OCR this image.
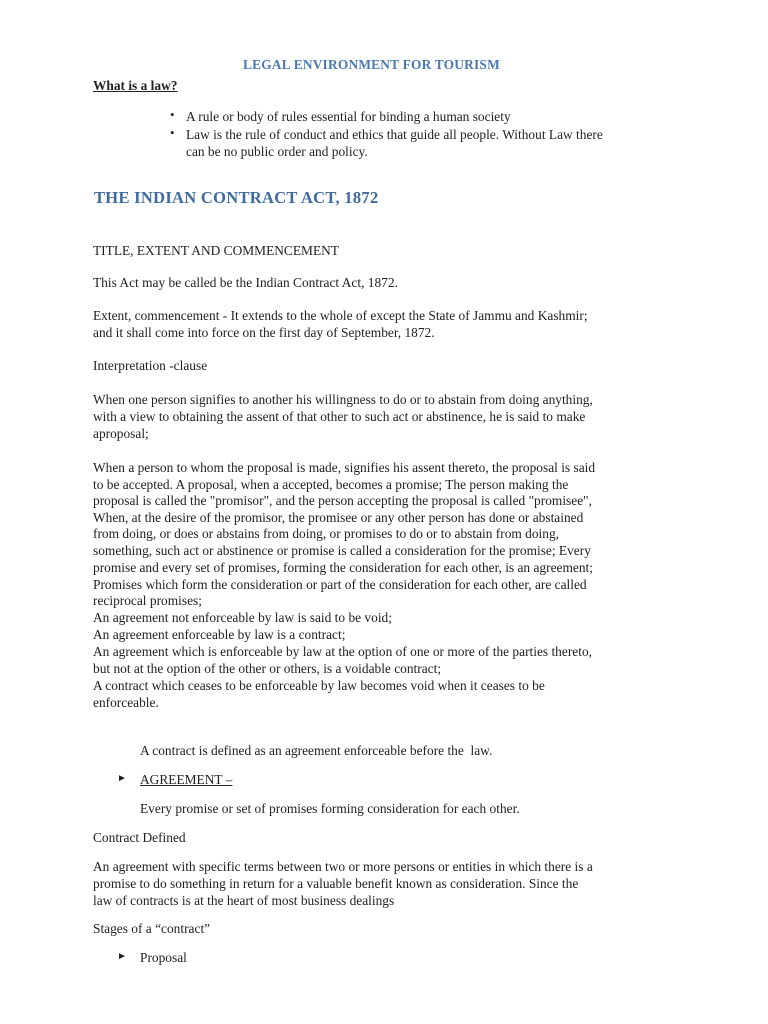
LEGAL ENVIRONMENT FOR TOURISM
What is a law?
• A rule or body of rules essential for binding a human society
• Law is the rule of conduct and ethics that guide all people. Without Law there
can be no public order and policy.
THE INDIAN CONTRACT ACT, 1872
TITLE, EXTENT AND COMMENCEMENT
This Act may be called be the Indian Contract Act, 1872.
Extent, commencement - It extends to the whole of except the State of Jammu and Kashmir;
and it shall come into force on the first day of September, 1872.
Interpretation -clause
When one person signifies to another his willingness to do or to abstain from doing anything,
with a view to obtaining the assent of that other to such act or abstinence, he is said to make
aproposal;
When a person to whom the proposal is made, signifies his assent thereto, the proposal is said
to be accepted. A proposal, when a accepted, becomes a promise; The person making the
proposal is called the "promisor", and the person accepting the proposal is called "promisee",
When, at the desire of the promisor, the promisee or any other person has done or abstained
from doing, or does or abstains from doing, or promises to do or to abstain from doing,
something, such act or abstinence or promise is called a consideration for the promise; Every
promise and every set of promises, forming the consideration for each other, is an agreement;
Promises which form the consideration or part of the consideration for each other, are called
reciprocal promises;
An agreement not enforceable by law is said to be void;
An agreement enforceable by law is a contract;
An agreement which is enforceable by law at the option of one or more of the parties thereto,
but not at the option of the other or others, is a voidable contract;
A contract which ceases to be enforceable by law becomes void when it ceases to be
enforceable.
A contract is defined as an agreement enforceable before the  law.
► AGREEMENT –
Every promise or set of promises forming consideration for each other.
Contract Defined
An agreement with specific terms between two or more persons or entities in which there is a
promise to do something in return for a valuable benefit known as consideration. Since the
law of contracts is at the heart of most business dealings
Stages of a “contract”
► Proposal
